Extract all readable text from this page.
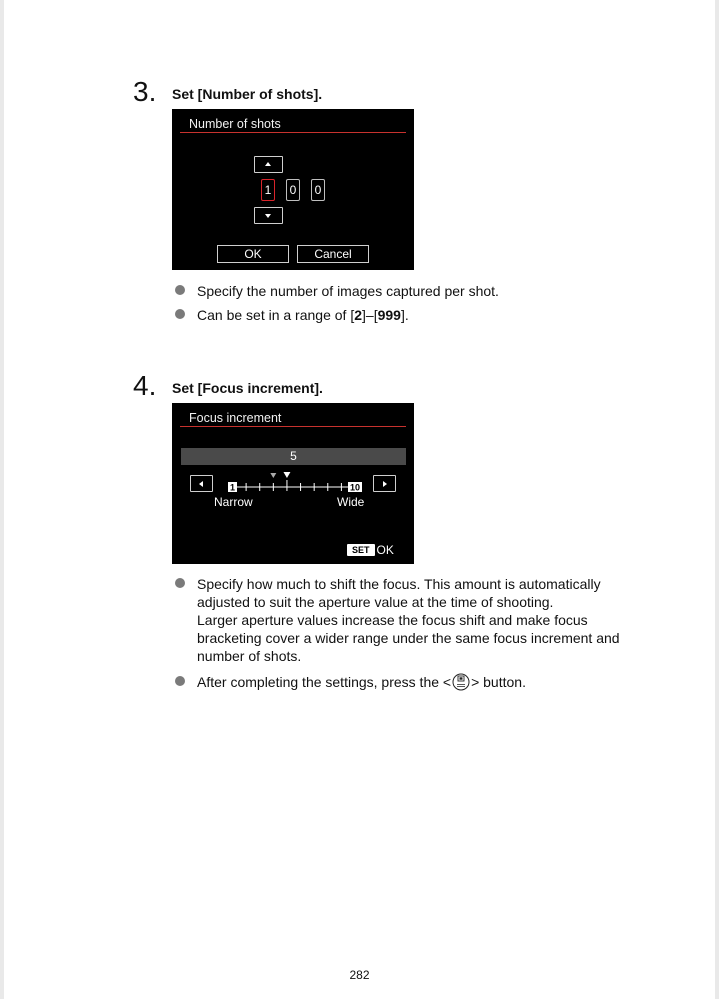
3. Set [Number of shots].
Number of shots
1	0	0
OK	Cancel
Specify the number of images captured per shot.
Can be set in a range of [2]–[999].
4. Set [Focus increment].
Focus increment
5
1	10
Narrow	Wide
SET OK
Specify how much to shift the focus. This amount is automatically
adjusted to suit the aperture value at the time of shooting.
Larger aperture values increase the focus shift and make focus
bracketing cover a wider range under the same focus increment and
number of shots.
After completing the settings, press the < > button.
282
